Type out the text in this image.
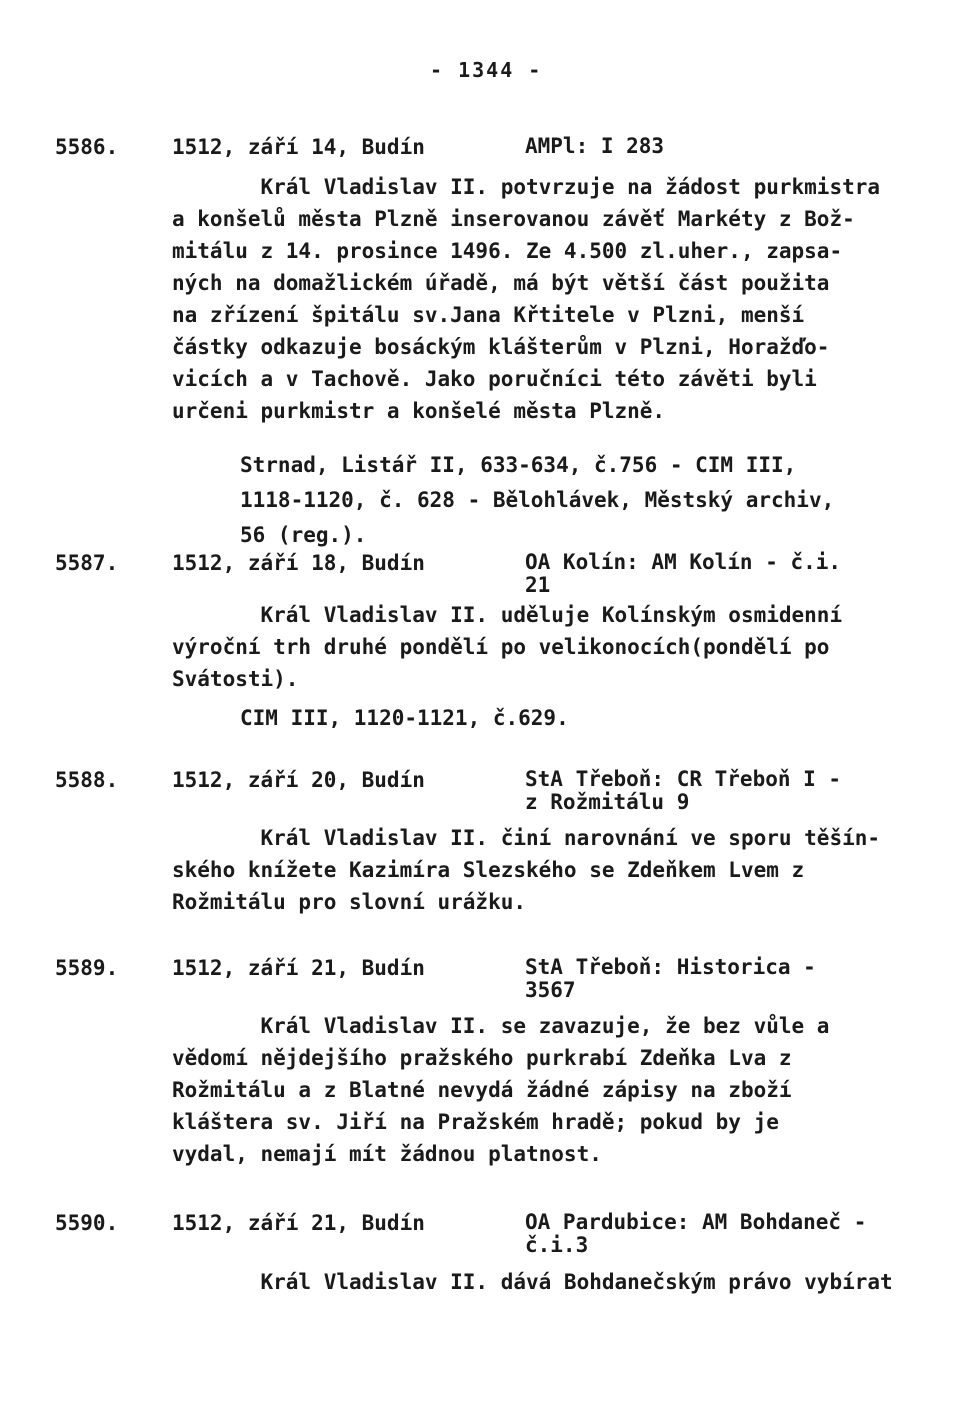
- 1344 -
5586.	1512, září 14, Budín	AMPl: I 283
Král Vladislav II. potvrzuje na žádost purkmistra
a konšelů města Plzně inserovanou závěť Markéty z Bož-
mitálu z 14. prosince 1496. Ze 4.500 zl.uher., zapsa-
ných na domažlickém úřadě, má být větší část použita
na zřízení špitálu sv.Jana Křtitele v Plzni, menší
částky odkazuje bosáckým klášterům v Plzni, Horažďo-
vicích a v Tachově. Jako poručníci této závěti byli
určeni purkmistr a konšelé města Plzně.
Strnad, Listář II, 633-634, č.756 - CIM III,
1118-1120, č. 628 - Bělohlávek, Městský archiv,
56 (reg.).
5587.	1512, září 18, Budín	OA Kolín: AM Kolín - č.i.
21
Král Vladislav II. uděluje Kolínským osmidenní
výroční trh druhé pondělí po velikonocích(pondělí po
Svátosti).
CIM III, 1120-1121, č.629.
5588.	1512, září 20, Budín	StA Třeboň: CR Třeboň I -
z Rožmitálu 9
Král Vladislav II. činí narovnání ve sporu těšín-
ského knížete Kazimíra Slezského se Zdeňkem Lvem z
Rožmitálu pro slovní urážku.
5589.	1512, září 21, Budín	StA Třeboň: Historica -
3567
Král Vladislav II. se zavazuje, že bez vůle a
vědomí nějdejšího pražského purkrabí Zdeňka Lva z
Rožmitálu a z Blatné nevydá žádné zápisy na zboží
kláštera sv. Jiří na Pražském hradě; pokud by je
vydal, nemají mít žádnou platnost.
5590.	1512, září 21, Budín	OA Pardubice: AM Bohdaneč -
č.i.3
Král Vladislav II. dává Bohdanečským právo vybírat
